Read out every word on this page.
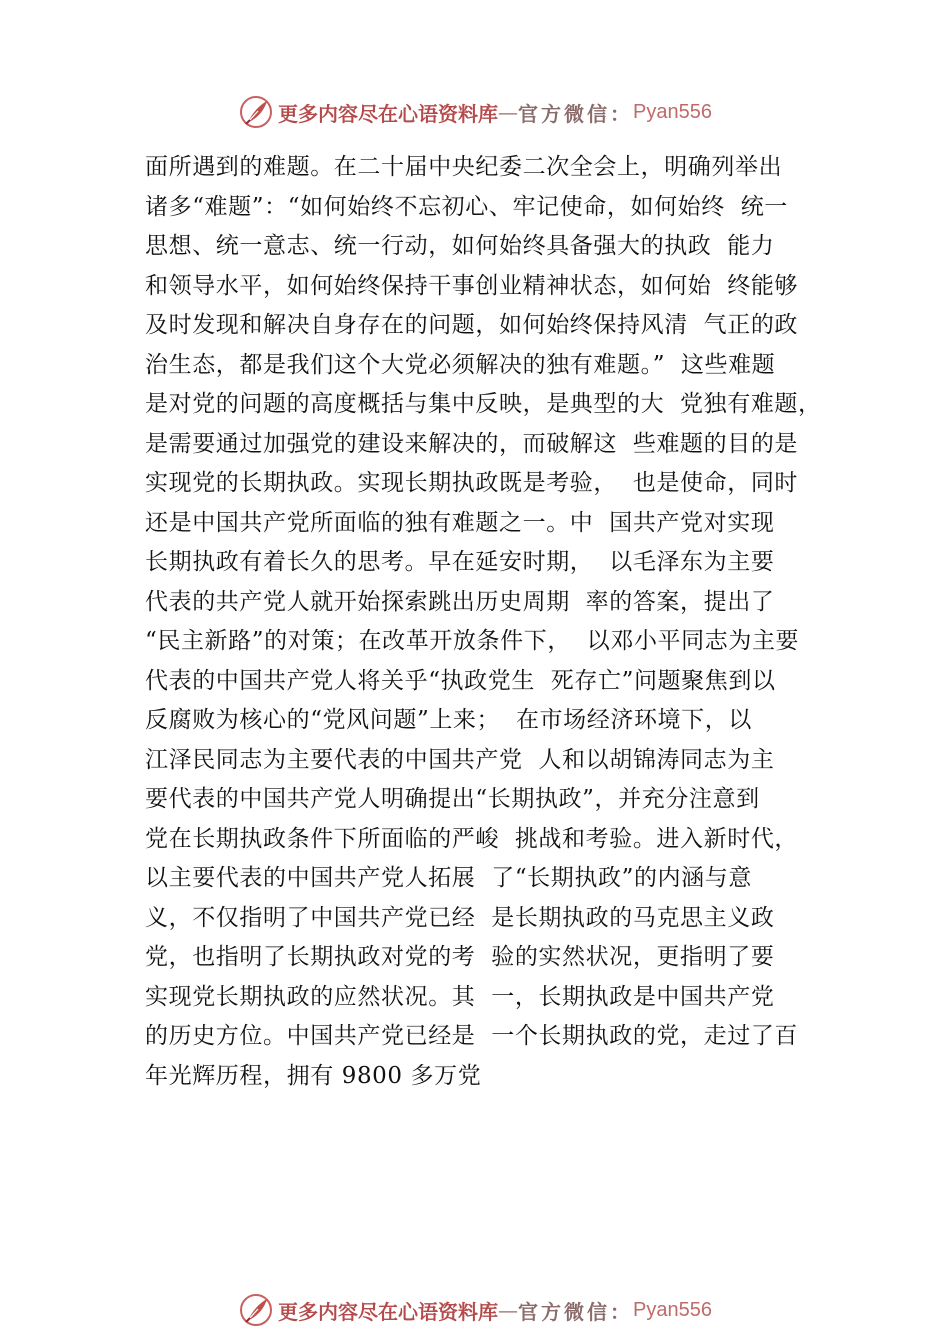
更多内容尽在心语资料库 — 官方微信： Pyan556
面所遇到的难题。在二十届中央纪委二次全会上，明确列举出
诸多“难题”：“如何始终不忘初心、牢记使命，如何始终  统一
思想、统一意志、统一行动，如何始终具备强大的执政  能力
和领导水平，如何始终保持干事创业精神状态，如何始  终能够
及时发现和解决自身存在的问题，如何始终保持风清  气正的政
治生态，都是我们这个大党必须解决的独有难题。”  这些难题
是对党的问题的高度概括与集中反映，是典型的大  党独有难题，
是需要通过加强党的建设来解决的，而破解这  些难题的目的是
实现党的长期执政。实现长期执政既是考验，  也是使命，同时
还是中国共产党所面临的独有难题之一。中  国共产党对实现
长期执政有着长久的思考。早在延安时期，  以毛泽东为主要
代表的共产党人就开始探索跳出历史周期  率的答案，提出了
“民主新路”的对策；在改革开放条件下，  以邓小平同志为主要
代表的中国共产党人将关乎“执政党生  死存亡”问题聚焦到以
反腐败为核心的“党风问题”上来；  在市场经济环境下，以
江泽民同志为主要代表的中国共产党  人和以胡锦涛同志为主
要代表的中国共产党人明确提出“长期执政”，并充分注意到
党在长期执政条件下所面临的严峻  挑战和考验。进入新时代，
以主要代表的中国共产党人拓展  了“长期执政”的内涵与意
义，不仅指明了中国共产党已经  是长期执政的马克思主义政
党，也指明了长期执政对党的考  验的实然状况，更指明了要
实现党长期执政的应然状况。其  一，长期执政是中国共产党
的历史方位。中国共产党已经是  一个长期执政的党，走过了百
年光辉历程，拥有 9800 多万党
更多内容尽在心语资料库 — 官方微信： Pyan556
